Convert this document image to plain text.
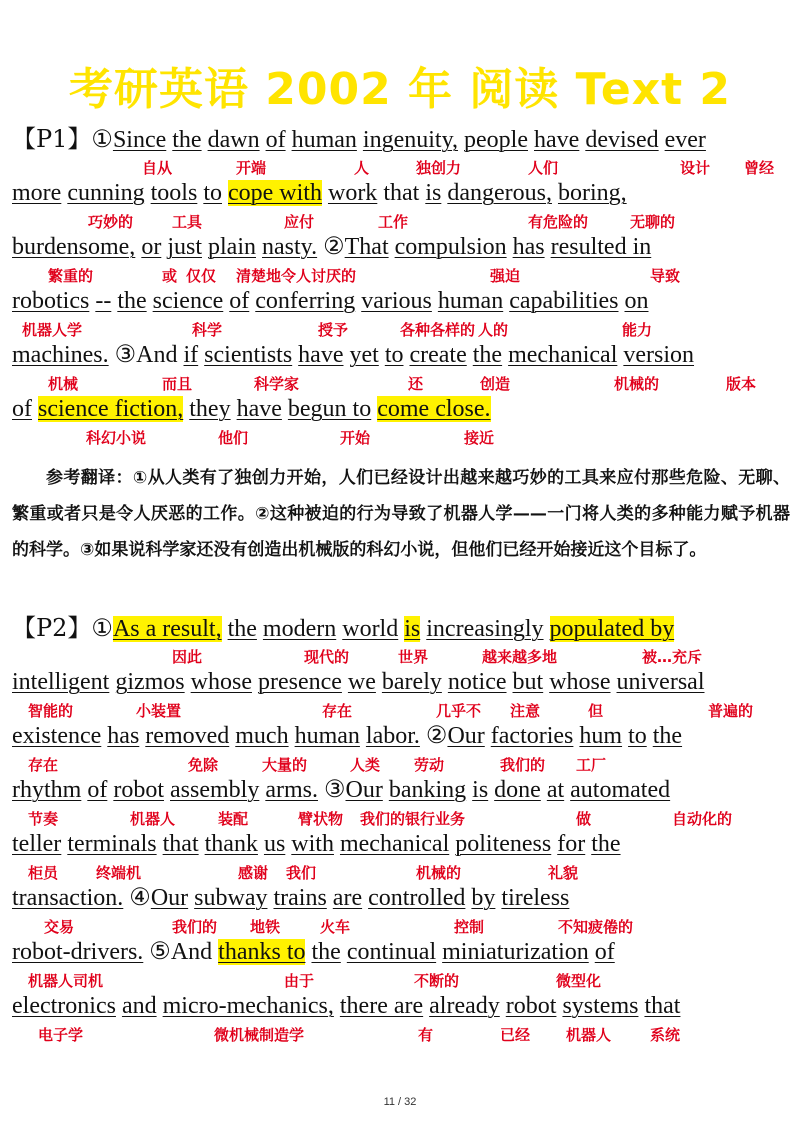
考研英语 2002 年 阅读 Text 2
【P1】①Since the dawn of human ingenuity, people have devised ever
自从	开端	人	独创力	人们	设计 曾经
more cunning tools to cope with work that is dangerous, boring,
巧妙的	工具	应付	工作	有危险的	无聊的
burdensome, or just plain nasty. ②That compulsion has resulted in
繁重的	或 仅仅 清楚地令人讨厌的	强迫	导致
robotics -- the science of conferring various human capabilities on
机器人学	科学	授予	各种各样的 人的	能力
machines. ③And if scientists have yet to create the mechanical version
机械	而且	科学家	还	创造	机械的	版本
of science fiction, they have begun to come close.
科幻小说	他们	开始	接近
参考翻译：①从人类有了独创力开始，人们已经设计出越来越巧妙的工具来应付那些危险、无聊、繁重或者只是令人厌恶的工作。②这种被迫的行为导致了机器人学——一门将人类的多种能力赋予机器的科学。③如果说科学家还没有创造出机械版的科幻小说，但他们已经开始接近这个目标了。
【P2】①As a result, the modern world is increasingly populated by
因此	现代的	世界	越来越多地	被…充斥
intelligent gizmos whose presence we barely notice but whose universal
智能的	小装置	存在	几乎不 注意	但	普遍的
existence has removed much human labor. ②Our factories hum to the
存在	免除	大量的	人类 劳动	我们的 工厂
rhythm of robot assembly arms. ③Our banking is done at automated
节奏	机器人	装配	臂状物 我们的银行业务	做	自动化的
teller terminals that thank us with mechanical politeness for the
柜员	终端机	感谢 我们	机械的	礼貌
transaction. ④Our subway trains are controlled by tireless
交易	我们的 地铁	火车	控制	不知疲倦的
robot-drivers. ⑤And thanks to the continual miniaturization of
机器人司机	由于	不断的	微型化
electronics and micro-mechanics, there are already robot systems that
电子学	微机械制造学	有	已经 机器人	系统
11 / 32
